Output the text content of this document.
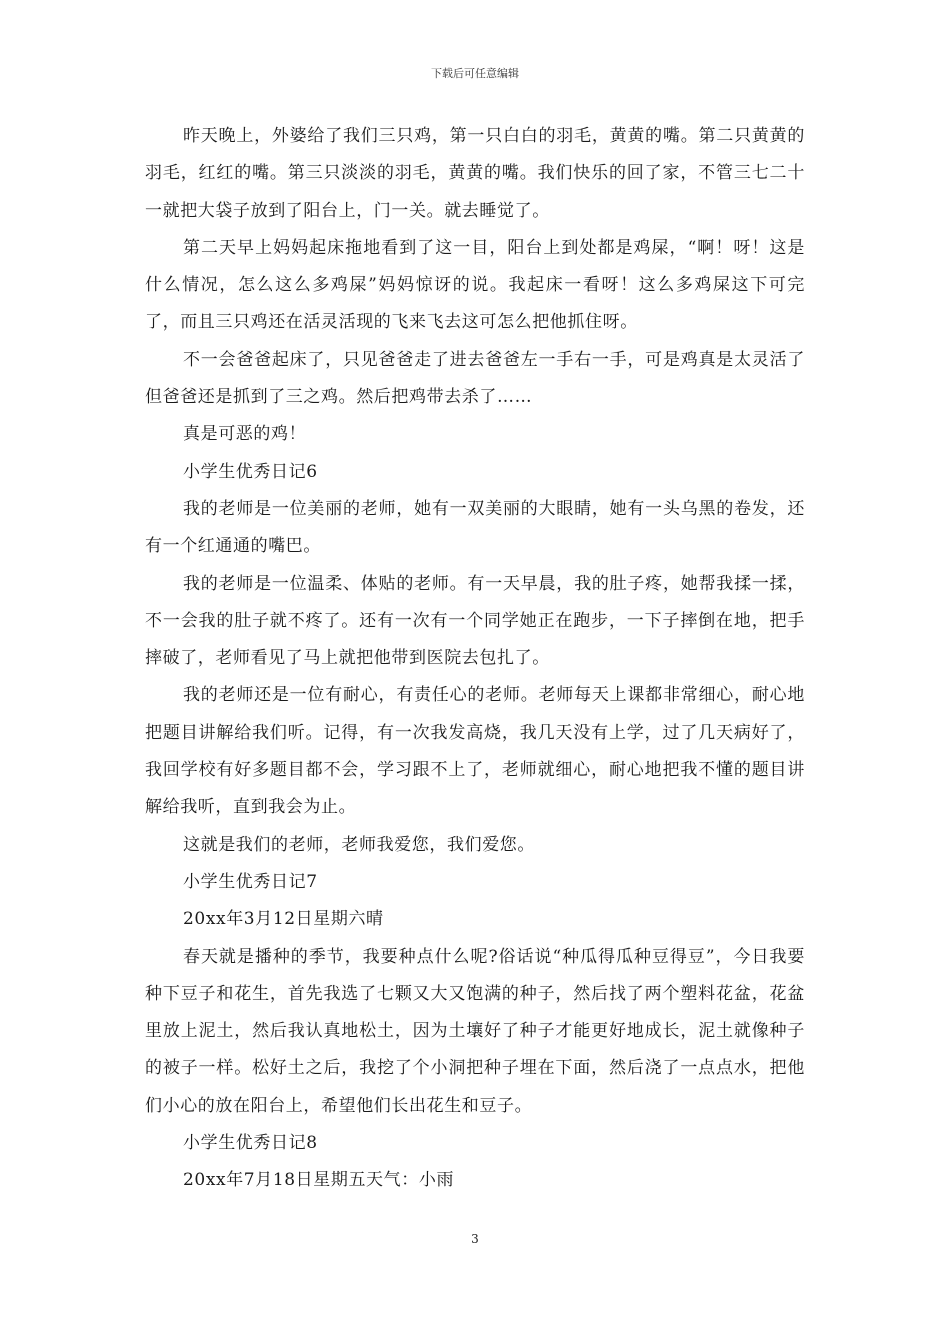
下载后可任意编辑

昨天晚上，外婆给了我们三只鸡，第一只白白的羽毛，黄黄的嘴。第二只黄黄的羽毛，红红的嘴。第三只淡淡的羽毛，黄黄的嘴。我们快乐的回了家，不管三七二十一就把大袋子放到了阳台上，门一关。就去睡觉了。

第二天早上妈妈起床拖地看到了这一目，阳台上到处都是鸡屎，“啊！呀！这是什么情况，怎么这么多鸡屎”妈妈惊讶的说。我起床一看呀！这么多鸡屎这下可完了，而且三只鸡还在活灵活现的飞来飞去这可怎么把他抓住呀。

不一会爸爸起床了，只见爸爸走了进去爸爸左一手右一手，可是鸡真是太灵活了但爸爸还是抓到了三之鸡。然后把鸡带去杀了……

真是可恶的鸡！

小学生优秀日记6

我的老师是一位美丽的老师，她有一双美丽的大眼睛，她有一头乌黑的卷发，还有一个红通通的嘴巴。

我的老师是一位温柔、体贴的老师。有一天早晨，我的肚子疼，她帮我揉一揉，不一会我的肚子就不疼了。还有一次有一个同学她正在跑步，一下子摔倒在地，把手摔破了，老师看见了马上就把他带到医院去包扎了。

我的老师还是一位有耐心，有责任心的老师。老师每天上课都非常细心，耐心地把题目讲解给我们听。记得，有一次我发高烧，我几天没有上学，过了几天病好了，我回学校有好多题目都不会，学习跟不上了，老师就细心，耐心地把我不懂的题目讲解给我听，直到我会为止。

这就是我们的老师，老师我爱您，我们爱您。

小学生优秀日记7

20xx年3月12日星期六晴

春天就是播种的季节，我要种点什么呢?俗话说“种瓜得瓜种豆得豆”，今日我要种下豆子和花生，首先我选了七颗又大又饱满的种子，然后找了两个塑料花盆，花盆里放上泥土，然后我认真地松土，因为土壤好了种子才能更好地成长，泥土就像种子的被子一样。松好土之后，我挖了个小洞把种子埋在下面，然后浇了一点点水，把他们小心的放在阳台上，希望他们长出花生和豆子。

小学生优秀日记8

20xx年7月18日星期五天气：小雨

3
